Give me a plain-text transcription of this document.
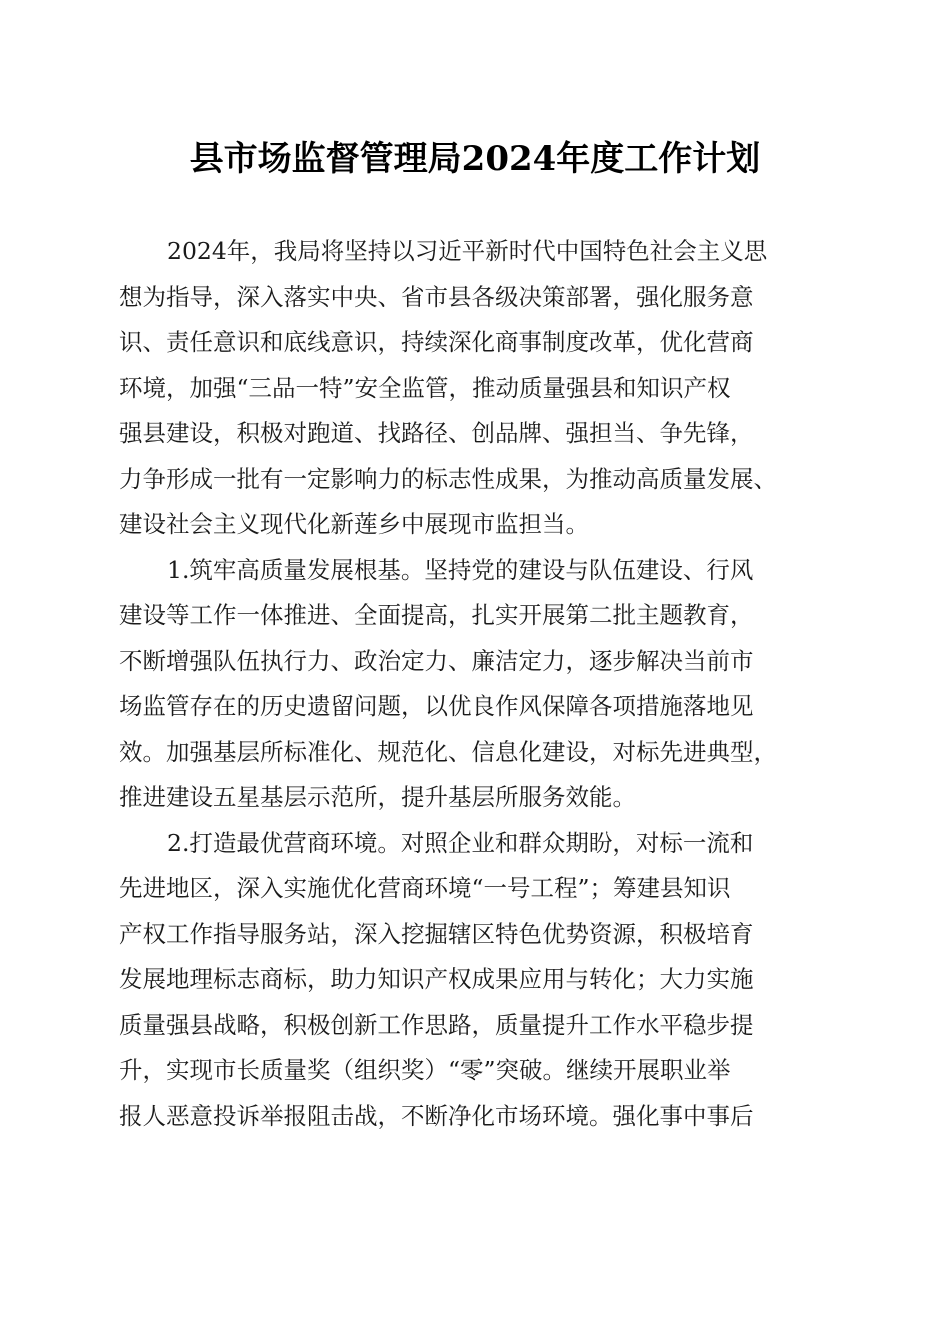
县市场监督管理局2024年度工作计划

2024年，我局将坚持以习近平新时代中国特色社会主义思
想为指导，深入落实中央、省市县各级决策部署，强化服务意
识、责任意识和底线意识，持续深化商事制度改革，优化营商
环境，加强“三品一特”安全监管，推动质量强县和知识产权
强县建设，积极对跑道、找路径、创品牌、强担当、争先锋，
力争形成一批有一定影响力的标志性成果，为推动高质量发展、
建设社会主义现代化新莲乡中展现市监担当。

1.筑牢高质量发展根基。坚持党的建设与队伍建设、行风
建设等工作一体推进、全面提高，扎实开展第二批主题教育，
不断增强队伍执行力、政治定力、廉洁定力，逐步解决当前市
场监管存在的历史遗留问题，以优良作风保障各项措施落地见
效。加强基层所标准化、规范化、信息化建设，对标先进典型，
推进建设五星基层示范所，提升基层所服务效能。

2.打造最优营商环境。对照企业和群众期盼，对标一流和
先进地区，深入实施优化营商环境“一号工程”；筹建县知识
产权工作指导服务站，深入挖掘辖区特色优势资源，积极培育
发展地理标志商标，助力知识产权成果应用与转化；大力实施
质量强县战略，积极创新工作思路，质量提升工作水平稳步提
升，实现市长质量奖（组织奖）“零”突破。继续开展职业举
报人恶意投诉举报阻击战，不断净化市场环境。强化事中事后
